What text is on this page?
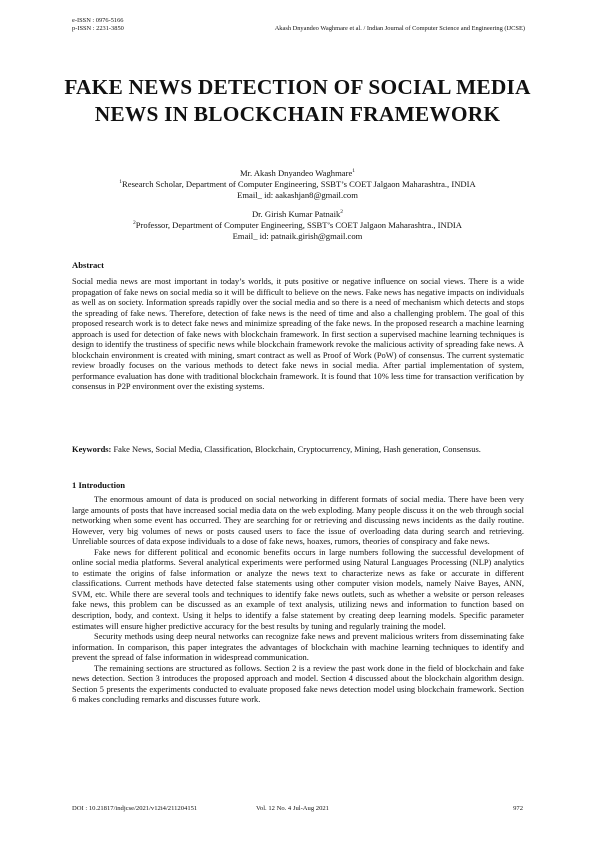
e-ISSN : 0976-5166
p-ISSN : 2231-3850	Akash Dnyandeo Waghmare et al. / Indian Journal of Computer Science and Engineering (IJCSE)
FAKE NEWS DETECTION OF SOCIAL MEDIA NEWS IN BLOCKCHAIN FRAMEWORK
Mr. Akash Dnyandeo Waghmare$^1$
$^1$Research Scholar, Department of Computer Engineering, SSBT’s COET Jalgaon Maharashtra., INDIA
Email_ id: aakashjan8@gmail.com
Dr. Girish Kumar Patnaik$^2$
$^2$Professor, Department of Computer Engineering, SSBT’s COET Jalgaon Maharashtra., INDIA
Email_ id: patnaik.girish@gmail.com
Abstract
Social media news are most important in today’s worlds, it puts positive or negative influence on social views. There is a wide propagation of fake news on social media so it will be difficult to believe on the news. Fake news has negative impacts on individuals as well as on society. Information spreads rapidly over the social media and so there is a need of mechanism which detects and stops the spreading of fake news. Therefore, detection of fake news is the need of time and also a challenging problem. The goal of this proposed research work is to detect fake news and minimize spreading of the fake news. In the proposed research a machine learning approach is used for detection of fake news with blockchain framework. In first section a supervised machine learning techniques is design to identify the trustiness of specific news while blockchain framework revoke the malicious activity of spreading fake news. A blockchain environment is created with mining, smart contract as well as Proof of Work (PoW) of consensus. The current systematic review broadly focuses on the various methods to detect fake news in social media. After partial implementation of system, performance evaluation has done with traditional blockchain framework. It is found that 10% less time for transaction verification by consensus in P2P environment over the existing systems.
Keywords: Fake News, Social Media, Classification, Blockchain, Cryptocurrency, Mining, Hash generation, Consensus.
1 Introduction

The enormous amount of data is produced on social networking in different formats of social media. There have been very large amounts of posts that have increased social media data on the web exploding. Many people discuss it on the web through social networking when some event has occurred. They are searching for or retrieving and discussing news incidents as the daily routine. However, very big volumes of news or posts caused users to face the issue of overloading data during search and retrieving. Unreliable sources of data expose individuals to a dose of fake news, hoaxes, rumors, theories of conspiracy and fake news.

Fake news for different political and economic benefits occurs in large numbers following the successful development of online social media platforms. Several analytical experiments were performed using Natural Languages Processing (NLP) analytics to estimate the origins of false information or analyze the news text to characterize news as fake or accurate in different classifications. Current methods have detected false statements using other computer vision models, namely Naive Bayes, ANN, SVM, etc. While there are several tools and techniques to identify fake news outlets, such as whether a website or person releases fake news, this problem can be discussed as an example of text analysis, utilizing news and information to function based on description, body, and context. Using it helps to identify a false statement by creating deep learning models. Specific parameter estimates will ensure higher predictive accuracy for the best results by tuning and regularly training the model.

Security methods using deep neural networks can recognize fake news and prevent malicious writers from disseminating fake information. In comparison, this paper integrates the advantages of blockchain with machine learning techniques to identify and prevent the spread of false information in widespread communication.

The remaining sections are structured as follows. Section 2 is a review the past work done in the field of blockchain and fake news detection. Section 3 introduces the proposed approach and model. Section 4 discussed about the blockchain algorithm design. Section 5 presents the experiments conducted to evaluate proposed fake news detection model using blockchain framework. Section 6 makes concluding remarks and discusses future work.

DOI : 10.21817/indjcse/2021/v12i4/211204151	Vol. 12 No. 4 Jul-Aug 2021	972
